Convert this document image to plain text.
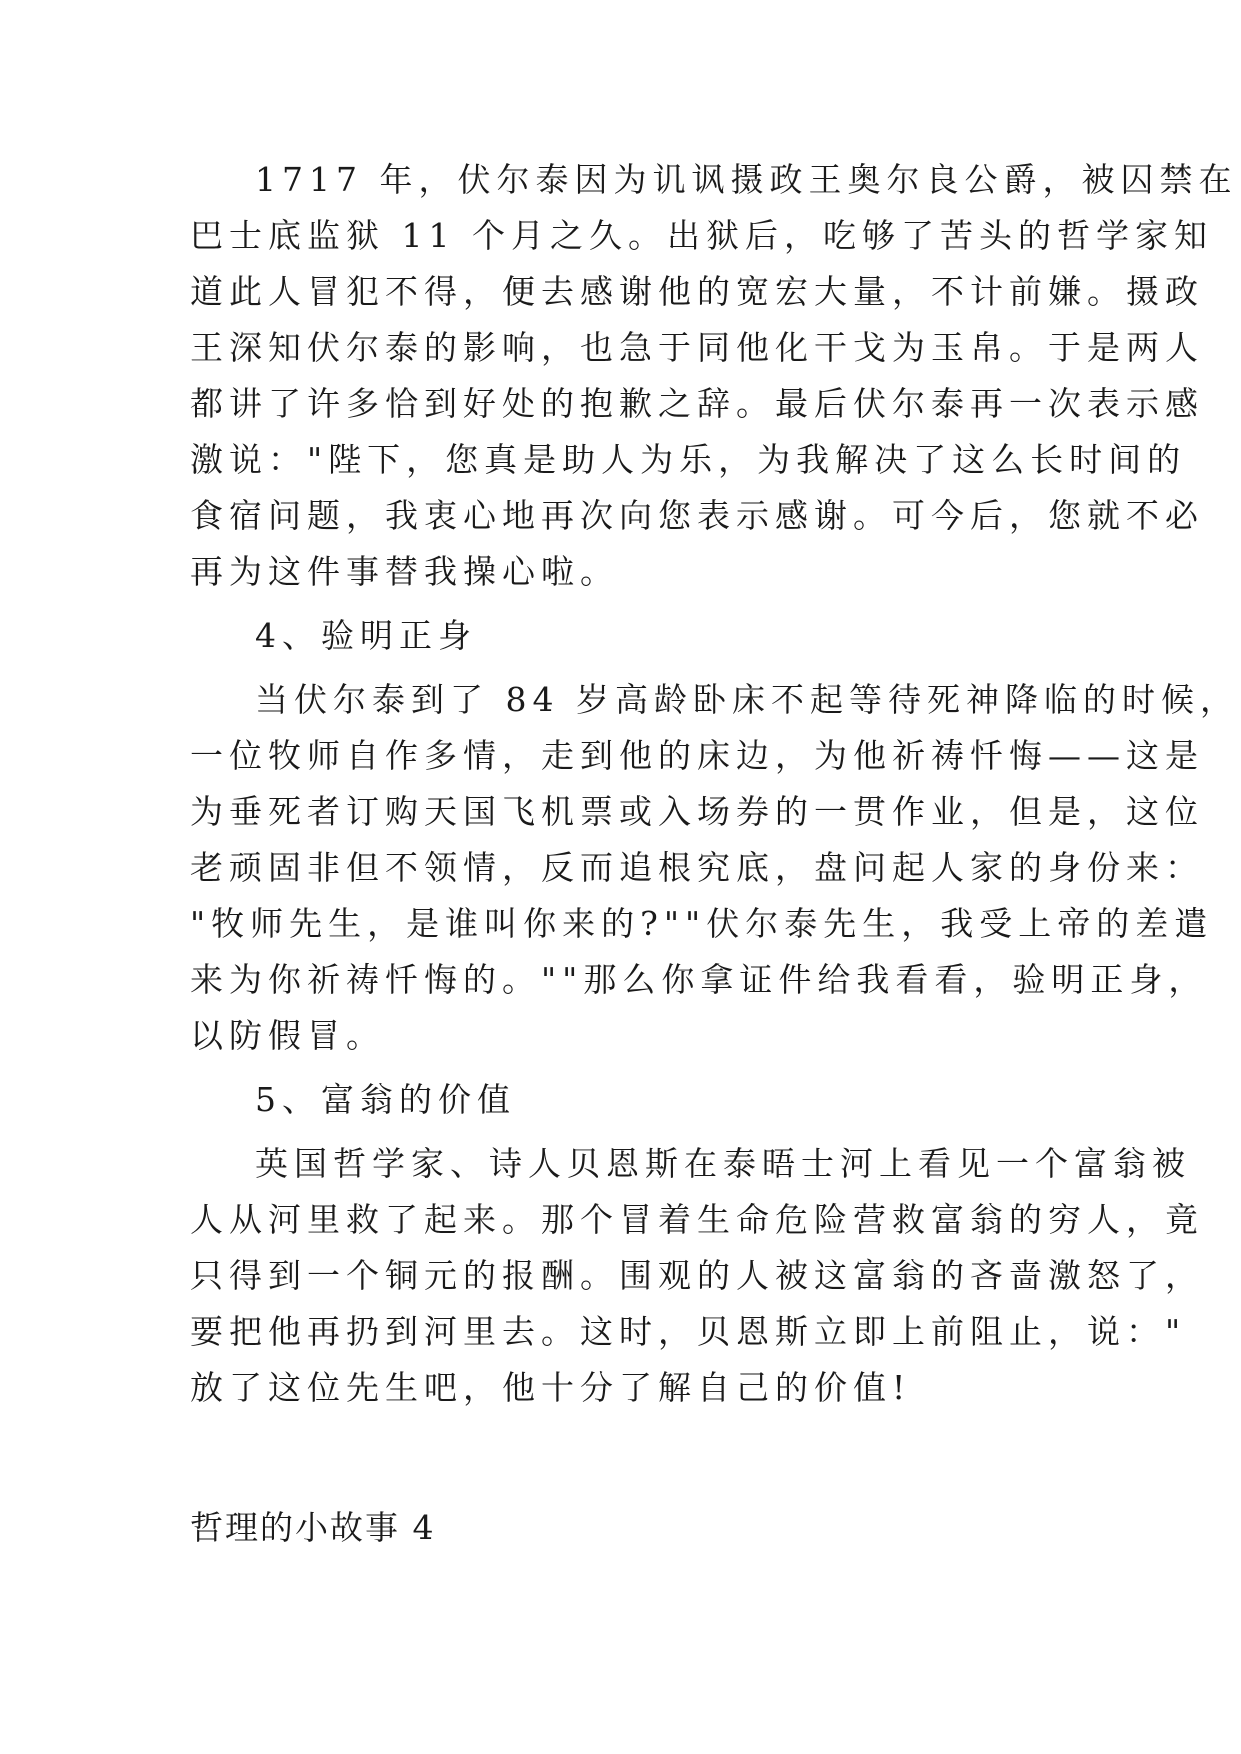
1717 年，伏尔泰因为讥讽摄政王奥尔良公爵，被囚禁在

巴士底监狱 11 个月之久。出狱后，吃够了苦头的哲学家知

道此人冒犯不得，便去感谢他的宽宏大量，不计前嫌。摄政

王深知伏尔泰的影响，也急于同他化干戈为玉帛。于是两人

都讲了许多恰到好处的抱歉之辞。最后伏尔泰再一次表示感

激说："陛下，您真是助人为乐，为我解决了这么长时间的

食宿问题，我衷心地再次向您表示感谢。可今后，您就不必

再为这件事替我操心啦。

4、验明正身

当伏尔泰到了 84 岁高龄卧床不起等待死神降临的时候，

一位牧师自作多情，走到他的床边，为他祈祷忏悔——这是

为垂死者订购天国飞机票或入场券的一贯作业，但是，这位

老顽固非但不领情，反而追根究底，盘问起人家的身份来：

"牧师先生，是谁叫你来的?""伏尔泰先生，我受上帝的差遣

来为你祈祷忏悔的。""那么你拿证件给我看看，验明正身，

以防假冒。

5、富翁的价值

英国哲学家、诗人贝恩斯在泰晤士河上看见一个富翁被

人从河里救了起来。那个冒着生命危险营救富翁的穷人，竟

只得到一个铜元的报酬。围观的人被这富翁的吝啬激怒了，

要把他再扔到河里去。这时，贝恩斯立即上前阻止，说："

放了这位先生吧，他十分了解自己的价值!

哲理的小故事 4
